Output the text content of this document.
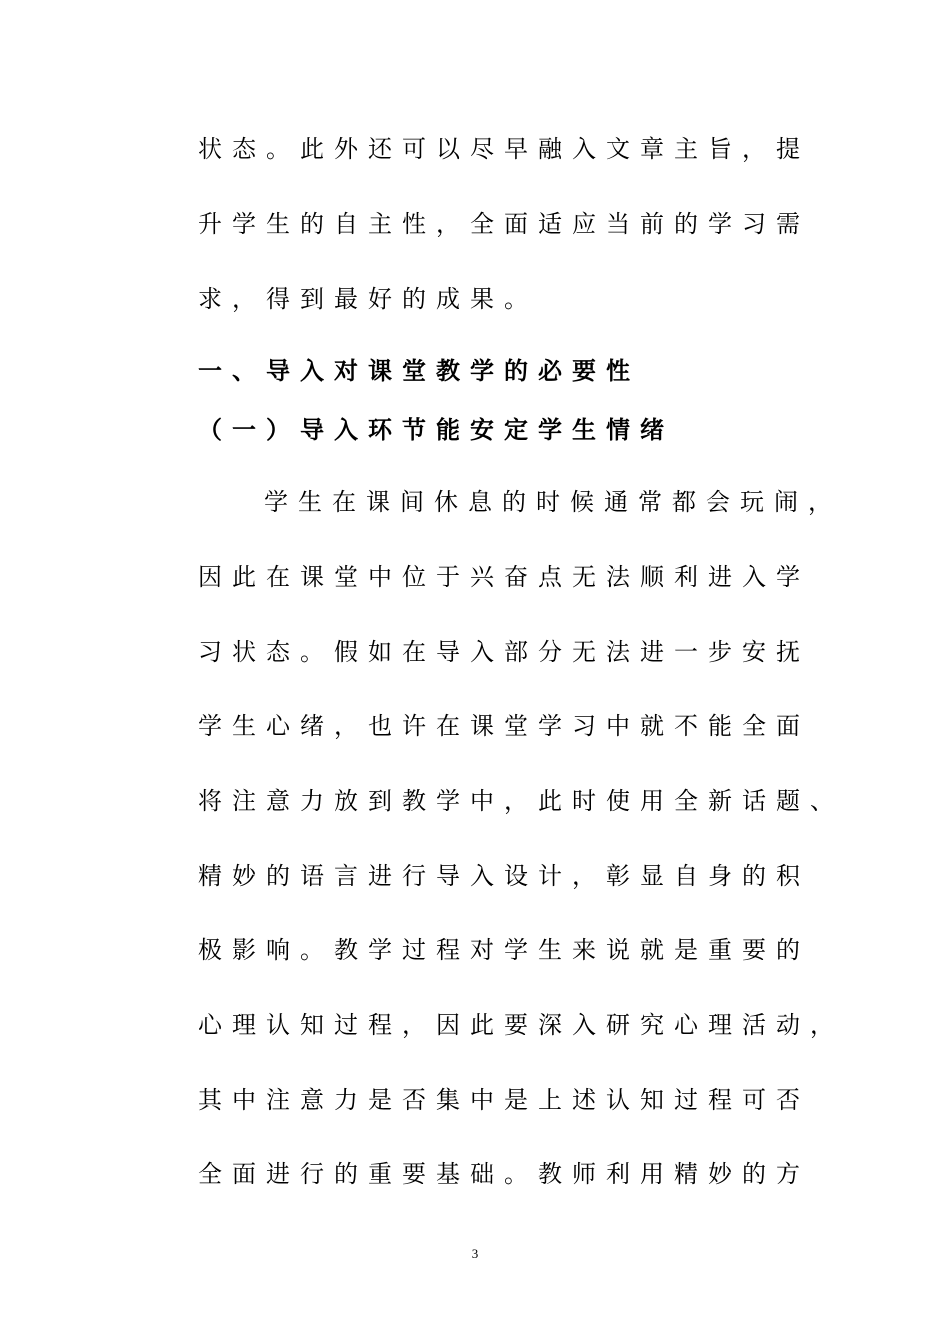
状态。此外还可以尽早融入文章主旨，提

升学生的自主性，全面适应当前的学习需

求，得到最好的成果。

一、导入对课堂教学的必要性

（一）导入环节能安定学生情绪

学生在课间休息的时候通常都会玩闹，

因此在课堂中位于兴奋点无法顺利进入学

习状态。假如在导入部分无法进一步安抚

学生心绪，也许在课堂学习中就不能全面

将注意力放到教学中，此时使用全新话题、

精妙的语言进行导入设计，彰显自身的积

极影响。教学过程对学生来说就是重要的

心理认知过程，因此要深入研究心理活动，

其中注意力是否集中是上述认知过程可否

全面进行的重要基础。教师利用精妙的方

3
